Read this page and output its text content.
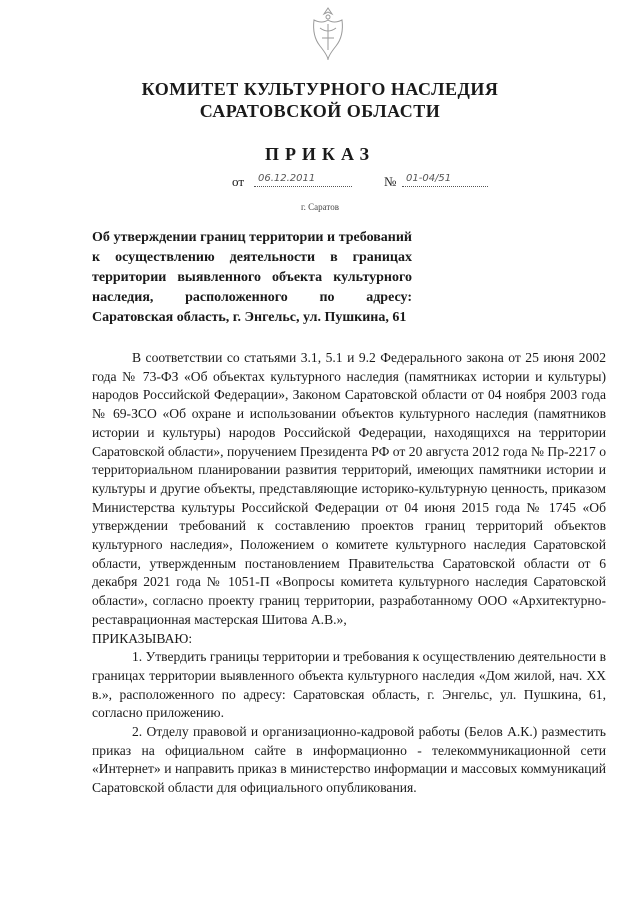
КОМИТЕТ КУЛЬТУРНОГО НАСЛЕДИЯ
САРАТОВСКОЙ ОБЛАСТИ
ПРИКАЗ
от	06.12.2011	№ 01-04/51
г. Саратов
Об утверждении границ территории и требований к осуществлению деятельности в границах территории выявленного объекта культурного наследия, расположенного по адресу: Саратовская область, г. Энгельс, ул. Пушкина, 61

В соответствии со статьями 3.1, 5.1 и 9.2 Федерального закона от 25 июня 2002 года № 73-ФЗ «Об объектах культурного наследия (памятниках истории и культуры) народов Российской Федерации», Законом Саратовской области от 04 ноября 2003 года № 69-ЗСО «Об охране и использовании объектов культурного наследия (памятников истории и культуры) народов Российской Федерации, находящихся на территории Саратовской области», поручением Президента РФ от 20 августа 2012 года № Пр-2217 о территориальном планировании развития территорий, имеющих памятники истории и культуры и другие объекты, представляющие историко-культурную ценность, приказом Министерства культуры Российской Федерации от 04 июня 2015 года № 1745 «Об утверждении требований к составлению проектов границ территорий объектов культурного наследия», Положением о комитете культурного наследия Саратовской области, утвержденным постановлением Правительства Саратовской области от 6 декабря 2021 года № 1051-П «Вопросы комитета культурного наследия Саратовской области», согласно проекту границ территории, разработанному ООО «Архитектурно-реставрационная мастерская Шитова А.В.»,

ПРИКАЗЫВАЮ:

1. Утвердить границы территории и требования к осуществлению деятельности в границах территории выявленного объекта культурного наследия «Дом жилой, нач. XX в.», расположенного по адресу: Саратовская область, г. Энгельс, ул. Пушкина, 61, согласно приложению.

2. Отделу правовой и организационно-кадровой работы (Белов А.К.) разместить приказ на официальном сайте в информационно - телекоммуникационной сети «Интернет» и направить приказ в министерство информации и массовых коммуникаций Саратовской области для официального опубликования.
